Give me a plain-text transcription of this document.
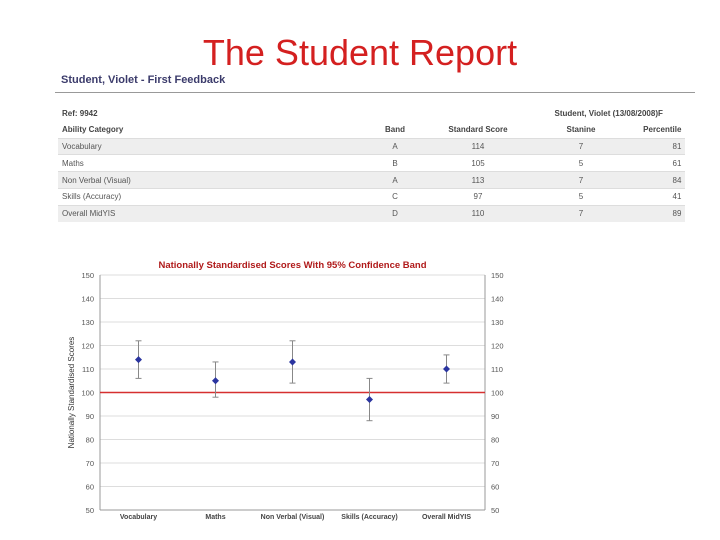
The Student Report
Student, Violet - First Feedback
Ref: 9942			Student, Violet (13/08/2008)F		
Ability Category	Band	Standard Score	Stanine	Percentile	
Vocabulary	A	114	7	81	
Maths	B	105	5	61	
Non Verbal (Visual)	A	113	7	84	
Skills (Accuracy)	C	97	5	41	
Overall MidYIS	D	110	7	89	
Nationally Standardised Scores With 95% Confidence Band
150	150
140	140
130	130
120	120
110	110
100	100
90	90
80	80
70	70
60	60
50	50
Nationally Standardised Scores
Vocabulary	Maths	Non Verbal (Visual) Skills (Accuracy)	Overall MidYIS
